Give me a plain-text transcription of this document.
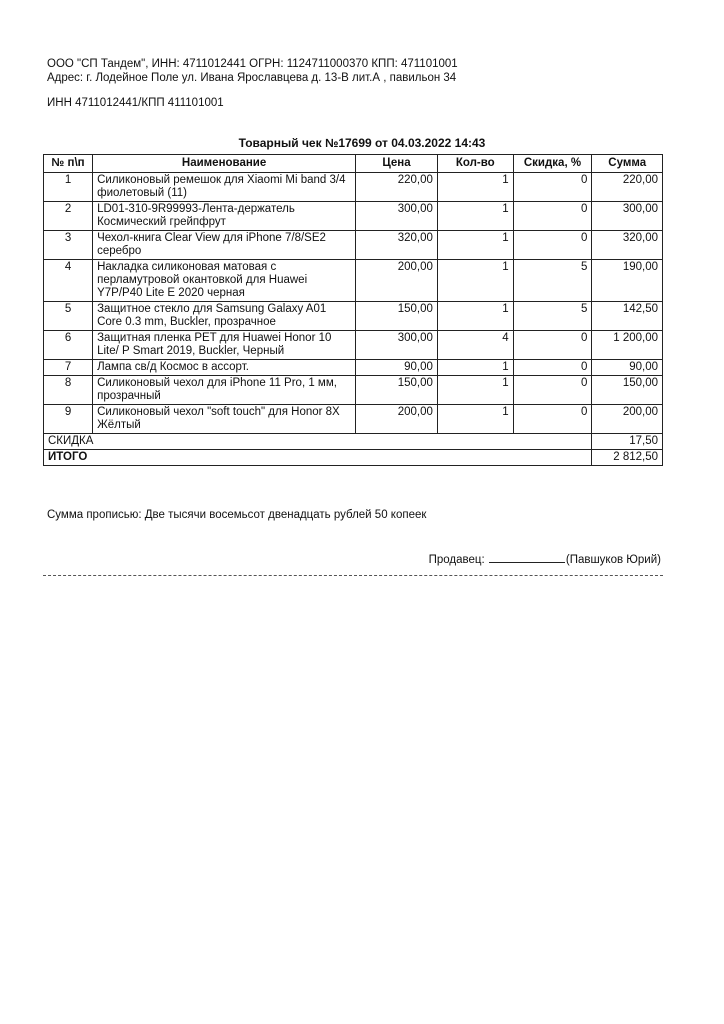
ООО "СП Тандем", ИНН: 4711012441 ОГРН: 1124711000370 КПП: 471101001
Адрес: г. Лодейное Поле ул. Ивана Ярославцева д. 13-В лит.А , павильон 34
ИНН 4711012441/КПП 411101001
Товарный чек №17699 от 04.03.2022 14:43
№ п\п	Наименование	Цена	Кол-во	Скидка, %	Сумма
1	Силиконовый ремешок для Xiaomi Mi band 3/4 фиолетовый (11)	220,00	1	0	220,00
2	LD01-310-9R99993-Лента-держатель Космический грейпфрут	300,00	1	0	300,00
3	Чехол-книга Clear View для iPhone 7/8/SE2 серебро	320,00	1	0	320,00
4	Накладка силиконовая матовая с перламутровой окантовкой для Huawei Y7P/P40 Lite E 2020 черная	200,00	1	5	190,00
5	Защитное стекло для Samsung Galaxy A01 Core 0.3 mm, Buckler, прозрачное	150,00	1	5	142,50
6	Защитная пленка PET для Huawei Honor 10 Lite/ P Smart 2019, Buckler, Черный	300,00	4	0	1 200,00
7	Лампа св/д Космос в ассорт.	90,00	1	0	90,00
8	Силиконовый чехол для iPhone 11 Pro, 1 мм, прозрачный	150,00	1	0	150,00
9	Силиконовый чехол "soft touch" для Honor 8X Жёлтый	200,00	1	0	200,00
СКИДКА					17,50
ИТОГО					2 812,50
Сумма прописью: Две тысячи восемьсот двенадцать рублей 50 копеек
Продавец:	(Павшуков Юрий)
